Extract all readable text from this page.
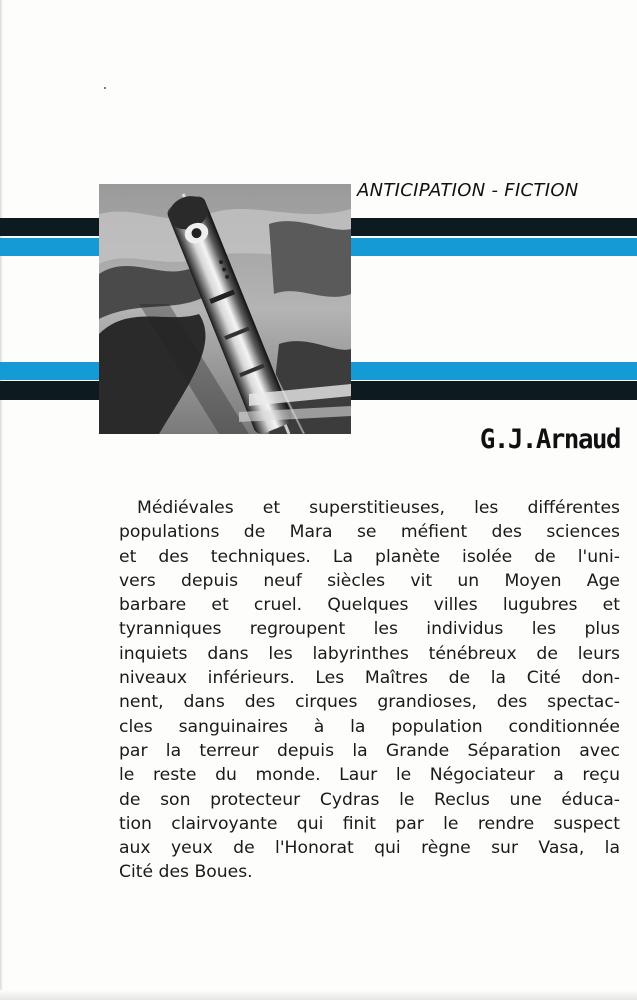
ANTICIPATION - FICTION
G.J.Arnaud
Médiévales et superstitieuses, les différentes
populations de Mara se méfient des sciences
et des techniques. La planète isolée de l'uni-
vers depuis neuf siècles vit un Moyen Age
barbare et cruel. Quelques villes lugubres et
tyranniques regroupent les individus les plus
inquiets dans les labyrinthes ténébreux de leurs
niveaux inférieurs. Les Maîtres de la Cité don-
nent, dans des cirques grandioses, des spectac-
cles sanguinaires à la population conditionnée
par la terreur depuis la Grande Séparation avec
le reste du monde. Laur le Négociateur a reçu
de son protecteur Cydras le Reclus une éduca-
tion clairvoyante qui finit par le rendre suspect
aux yeux de l'Honorat qui règne sur Vasa, la
Cité des Boues.
